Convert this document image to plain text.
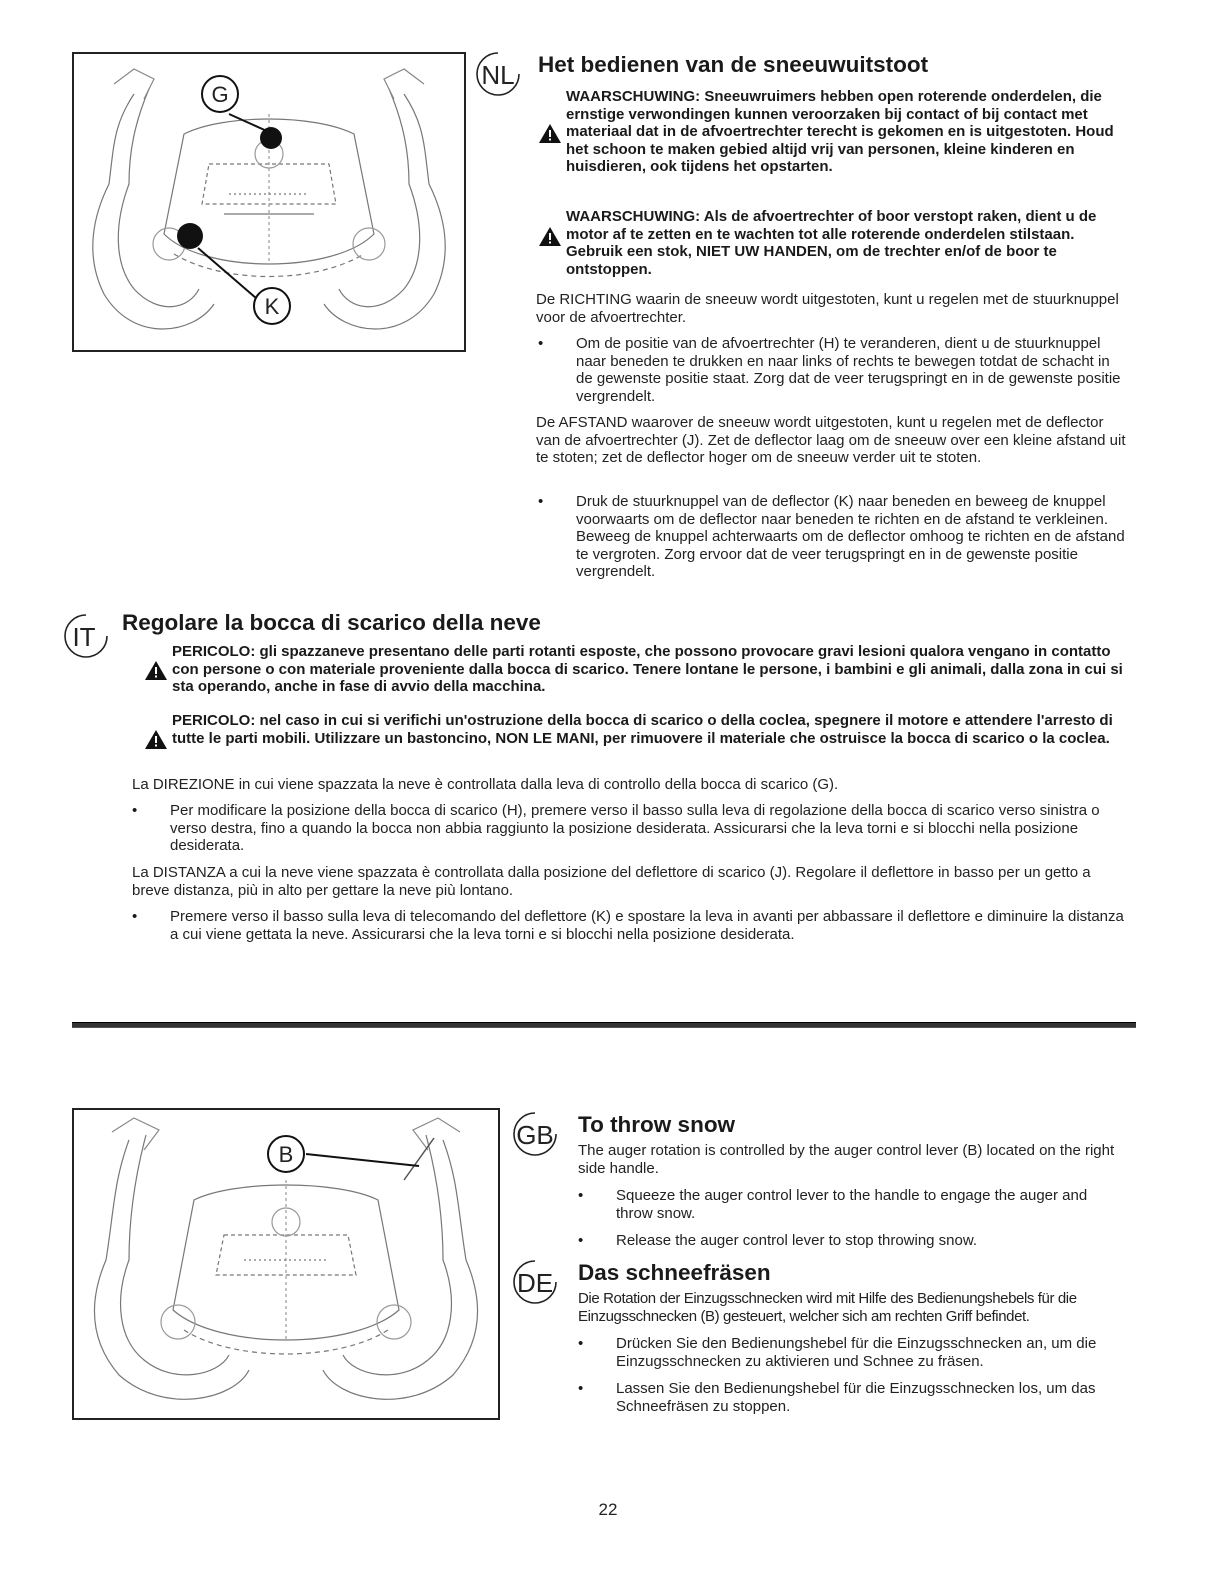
G
K
NL Het bedienen van de sneeuwuitstoot

WAARSCHUWING: Sneeuwruimers hebben open roterende onderdelen, die ernstige verwondingen kunnen veroorzaken bij contact of bij contact met materiaal dat in de afvoertrechter terecht is gekomen en is uitgestoten. Houd het schoon te maken gebied altijd vrij van personen, kleine kinderen en huisdieren, ook tijdens het opstarten.

WAARSCHUWING: Als de afvoertrechter of boor verstopt raken, dient u de motor af te zetten en te wachten tot alle roterende onderdelen stilstaan. Gebruik een stok, NIET UW HANDEN, om de trechter en/of de boor te ontstoppen.

De RICHTING waarin de sneeuw wordt uitgestoten, kunt u regelen met de stuurknuppel voor de afvoertrechter.

•	Om de positie van de afvoertrechter (H) te veranderen, dient u de stuurknuppel naar beneden te drukken en naar links of rechts te bewegen totdat de schacht in de gewenste positie staat. Zorg dat de veer terugspringt en in de gewenste positie vergrendelt.

De AFSTAND waarover de sneeuw wordt uitgestoten, kunt u regelen met de deflector van de afvoertrechter (J). Zet de deflector laag om de sneeuw over een kleine afstand uit te stoten; zet de deflector hoger om de sneeuw verder uit te stoten.

•	Druk de stuurknuppel van de deflector (K) naar beneden en beweeg de knuppel voorwaarts om de deflector naar beneden te richten en de afstand te verkleinen. Beweeg de knuppel achterwaarts om de deflector omhoog te richten en de afstand te vergroten. Zorg ervoor dat de veer terugspringt en in de gewenste positie vergrendelt.

IT Regolare la bocca di scarico della neve

PERICOLO: gli spazzaneve presentano delle parti rotanti esposte, che possono provocare gravi lesioni qualora vengano in contatto con persone o con materiale proveniente dalla bocca di scarico. Tenere lontane le persone, i bambini e gli animali, dalla zona in cui si sta operando, anche in fase di avvio della macchina.

PERICOLO: nel caso in cui si verifichi un'ostruzione della bocca di scarico o della coclea, spegnere il motore e attendere l'arresto di tutte le parti mobili. Utilizzare un bastoncino, NON LE MANI, per rimuovere il materiale che ostruisce la bocca di scarico o la coclea.

La DIREZIONE in cui viene spazzata la neve è controllata dalla leva di controllo della bocca di scarico (G).

•	Per modificare la posizione della bocca di scarico (H), premere verso il basso sulla leva di regolazione della bocca di scarico verso sinistra o verso destra, fino a quando la bocca non abbia raggiunto la posizione desiderata. Assicurarsi che la leva torni e si blocchi nella posizione desiderata.

La DISTANZA a cui la neve viene spazzata è controllata dalla posizione del deflettore di scarico (J). Regolare il deflettore in basso per un getto a breve distanza, più in alto per gettare la neve più lontano.

•	Premere verso il basso sulla leva di telecomando del deflettore (K) e spostare la leva in avanti per abbassare il deflettore e diminuire la distanza a cui viene gettata la neve. Assicurarsi che la leva torni e si blocchi nella posizione desiderata.

B
GB To throw snow

The auger rotation is controlled by the auger control lever (B) located on the right side handle.

•	Squeeze the auger control lever to the handle to engage the auger and throw snow.

•	Release the auger control lever to stop throwing snow.

DE Das schneefräsen

Die Rotation der Einzugsschnecken wird mit Hilfe des Bedienungshebels für die Einzugsschnecken (B) gesteuert, welcher sich am rechten Griff befindet.

•	Drücken Sie den Bedienungshebel für die Einzugsschnecken an, um die Einzugsschnecken zu aktivieren und Schnee zu fräsen.

•	Lassen Sie den Bedienungshebel für die Einzugsschnecken los, um das Schneefräsen zu stoppen.

22
